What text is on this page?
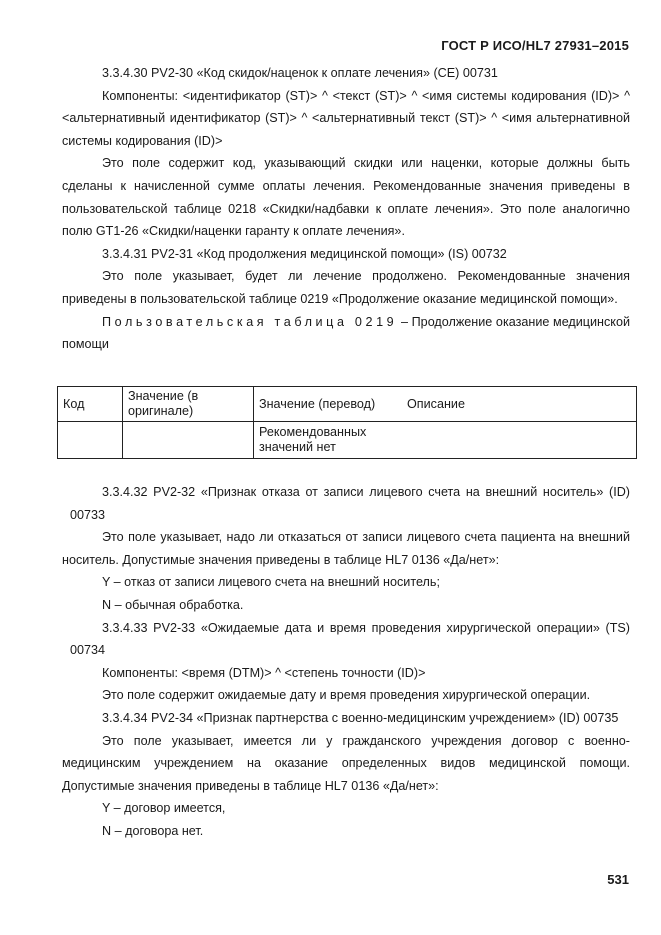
ГОСТ Р ИСО/HL7 27931–2015

3.3.4.30 PV2-30 «Код скидок/наценок к оплате лечения» (CE) 00731

Компоненты: <идентификатор (ST)> ^ <текст (ST)> ^ <имя системы кодирования (ID)> ^ <альтернативный идентификатор (ST)> ^ <альтернативный текст (ST)> ^ <имя альтернативной системы кодирования (ID)>

Это поле содержит код, указывающий скидки или наценки, которые должны быть сделаны к начисленной сумме оплаты лечения. Рекомендованные значения приведены в пользовательской таблице 0218 «Скидки/надбавки к оплате лечения». Это поле аналогично полю GT1-26 «Скидки/наценки гаранту к оплате лечения».

3.3.4.31 PV2-31 «Код продолжения медицинской помощи» (IS) 00732

Это поле указывает, будет ли лечение продолжено. Рекомендованные значения приведены в пользовательской таблице 0219 «Продолжение оказание медицинской помощи».

Пользовательская таблица 0219 – Продолжение оказание медицинской помощи

Код	Значение (в оригинале)	Значение (перевод)	Описание
		Рекомендованных значений нет	

3.3.4.32 PV2-32 «Признак отказа от записи лицевого счета на внешний носитель» (ID) 00733

Это поле указывает, надо ли отказаться от записи лицевого счета пациента на внешний носитель. Допустимые значения приведены в таблице HL7 0136 «Да/нет»:

Y – отказ от записи лицевого счета на внешний носитель;

N – обычная обработка.

3.3.4.33 PV2-33 «Ожидаемые дата и время проведения хирургической операции» (TS) 00734

Компоненты: <время (DTM)> ^ <степень точности (ID)>

Это поле содержит ожидаемые дату и время проведения хирургической операции.

3.3.4.34 PV2-34 «Признак партнерства с военно-медицинским учреждением» (ID) 00735

Это поле указывает, имеется ли у гражданского учреждения договор с военно-медицинским учреждением на оказание определенных видов медицинской помощи. Допустимые значения приведены в таблице HL7 0136 «Да/нет»:

Y – договор имеется,

N – договора нет.

531
